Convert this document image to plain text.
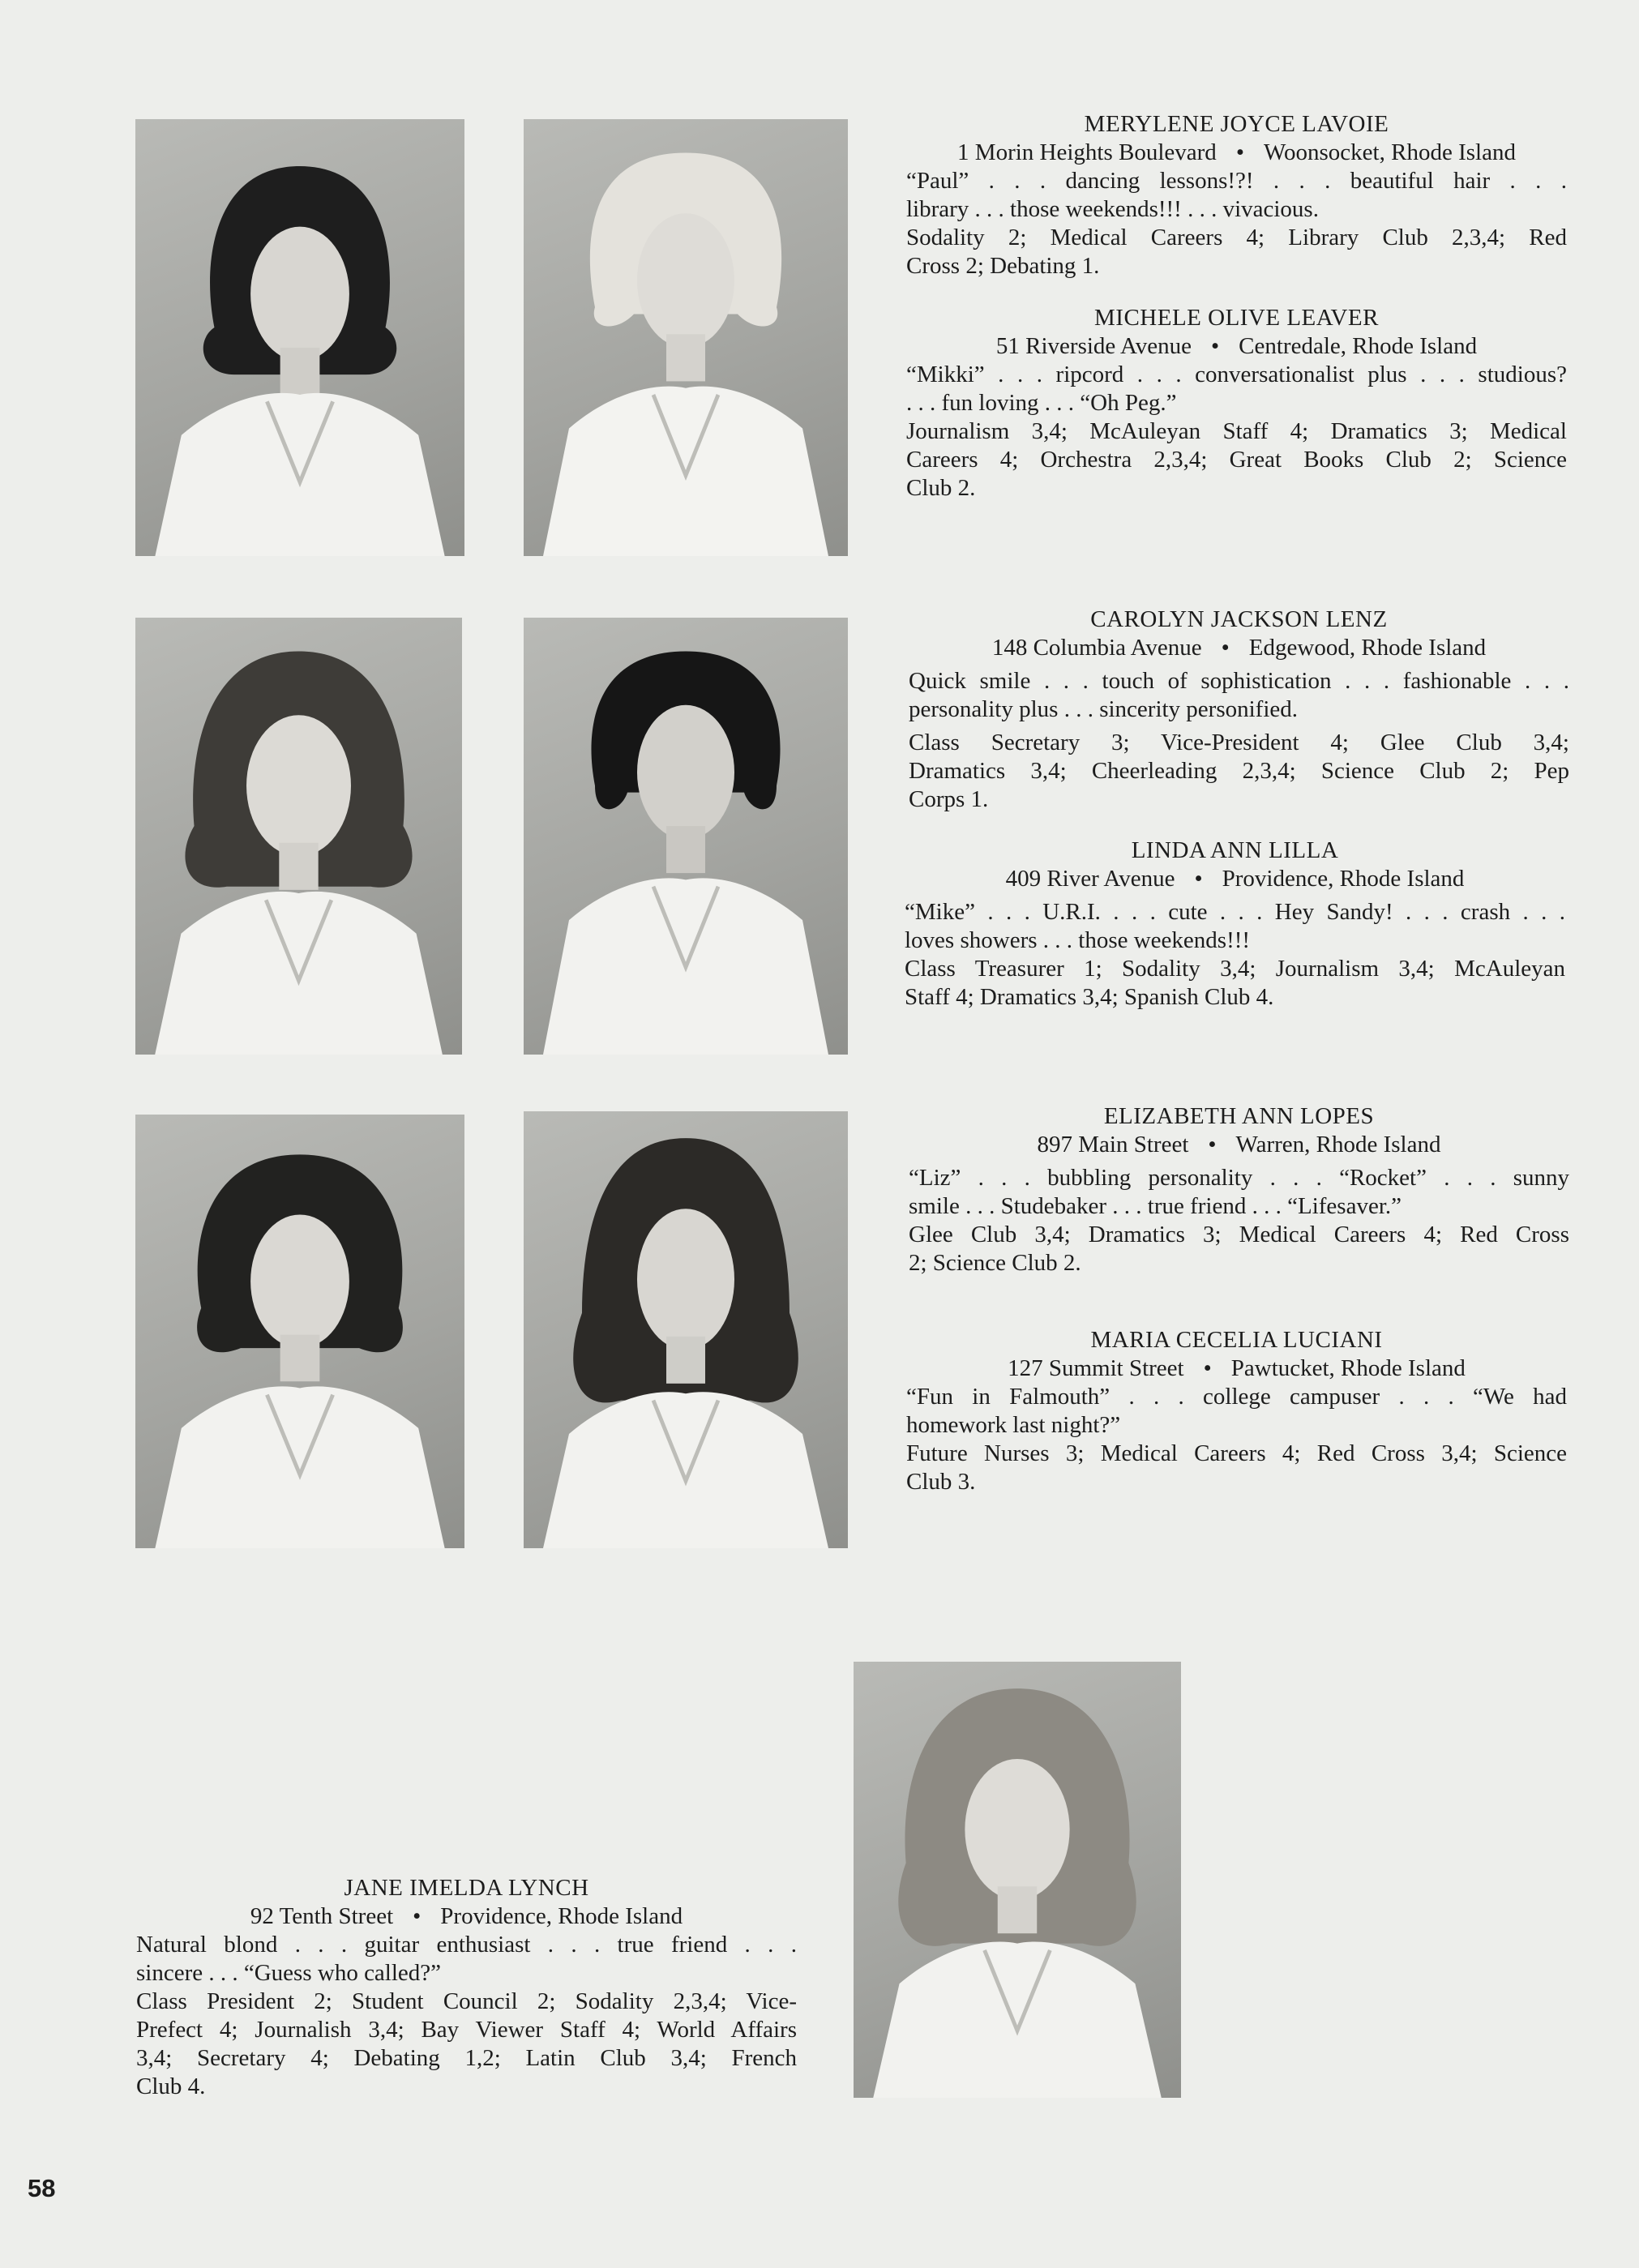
MERYLENE JOYCE LAVOIE
1 Morin Heights Boulevard • Woonsocket, Rhode Island
“Paul” . . . dancing lessons!?! . . . beautiful hair . . .
library . . . those weekends!!! . . . vivacious.
Sodality 2; Medical Careers 4; Library Club 2,3,4; Red
Cross 2; Debating 1.
MICHELE OLIVE LEAVER
51 Riverside Avenue • Centredale, Rhode Island
“Mikki” . . . ripcord . . . conversationalist plus . . . studious?
. . . fun loving . . . “Oh Peg.”
Journalism 3,4; McAuleyan Staff 4; Dramatics 3; Medical
Careers 4; Orchestra 2,3,4; Great Books Club 2; Science
Club 2.
CAROLYN JACKSON LENZ
148 Columbia Avenue • Edgewood, Rhode Island
Quick smile . . . touch of sophistication . . . fashionable . . .
personality plus . . . sincerity personified.
Class Secretary 3; Vice-President 4; Glee Club 3,4;
Dramatics 3,4; Cheerleading 2,3,4; Science Club 2; Pep
Corps 1.
LINDA ANN LILLA
409 River Avenue • Providence, Rhode Island
“Mike” . . . U.R.I. . . . cute . . . Hey Sandy! . . . crash . . .
loves showers . . . those weekends!!!
Class Treasurer 1; Sodality 3,4; Journalism 3,4; McAuleyan
Staff 4; Dramatics 3,4; Spanish Club 4.
ELIZABETH ANN LOPES
897 Main Street • Warren, Rhode Island
“Liz” . . . bubbling personality . . . “Rocket” . . . sunny
smile . . . Studebaker . . . true friend . . . “Lifesaver.”
Glee Club 3,4; Dramatics 3; Medical Careers 4; Red Cross
2; Science Club 2.
MARIA CECELIA LUCIANI
127 Summit Street • Pawtucket, Rhode Island
“Fun in Falmouth” . . . college campuser . . . “We had
homework last night?”
Future Nurses 3; Medical Careers 4; Red Cross 3,4; Science
Club 3.
JANE IMELDA LYNCH
92 Tenth Street • Providence, Rhode Island
Natural blond . . . guitar enthusiast . . . true friend . . .
sincere . . . “Guess who called?”
Class President 2; Student Council 2; Sodality 2,3,4; Vice-
Prefect 4; Journalish 3,4; Bay Viewer Staff 4; World Affairs
3,4; Secretary 4; Debating 1,2; Latin Club 3,4; French
Club 4.
58
